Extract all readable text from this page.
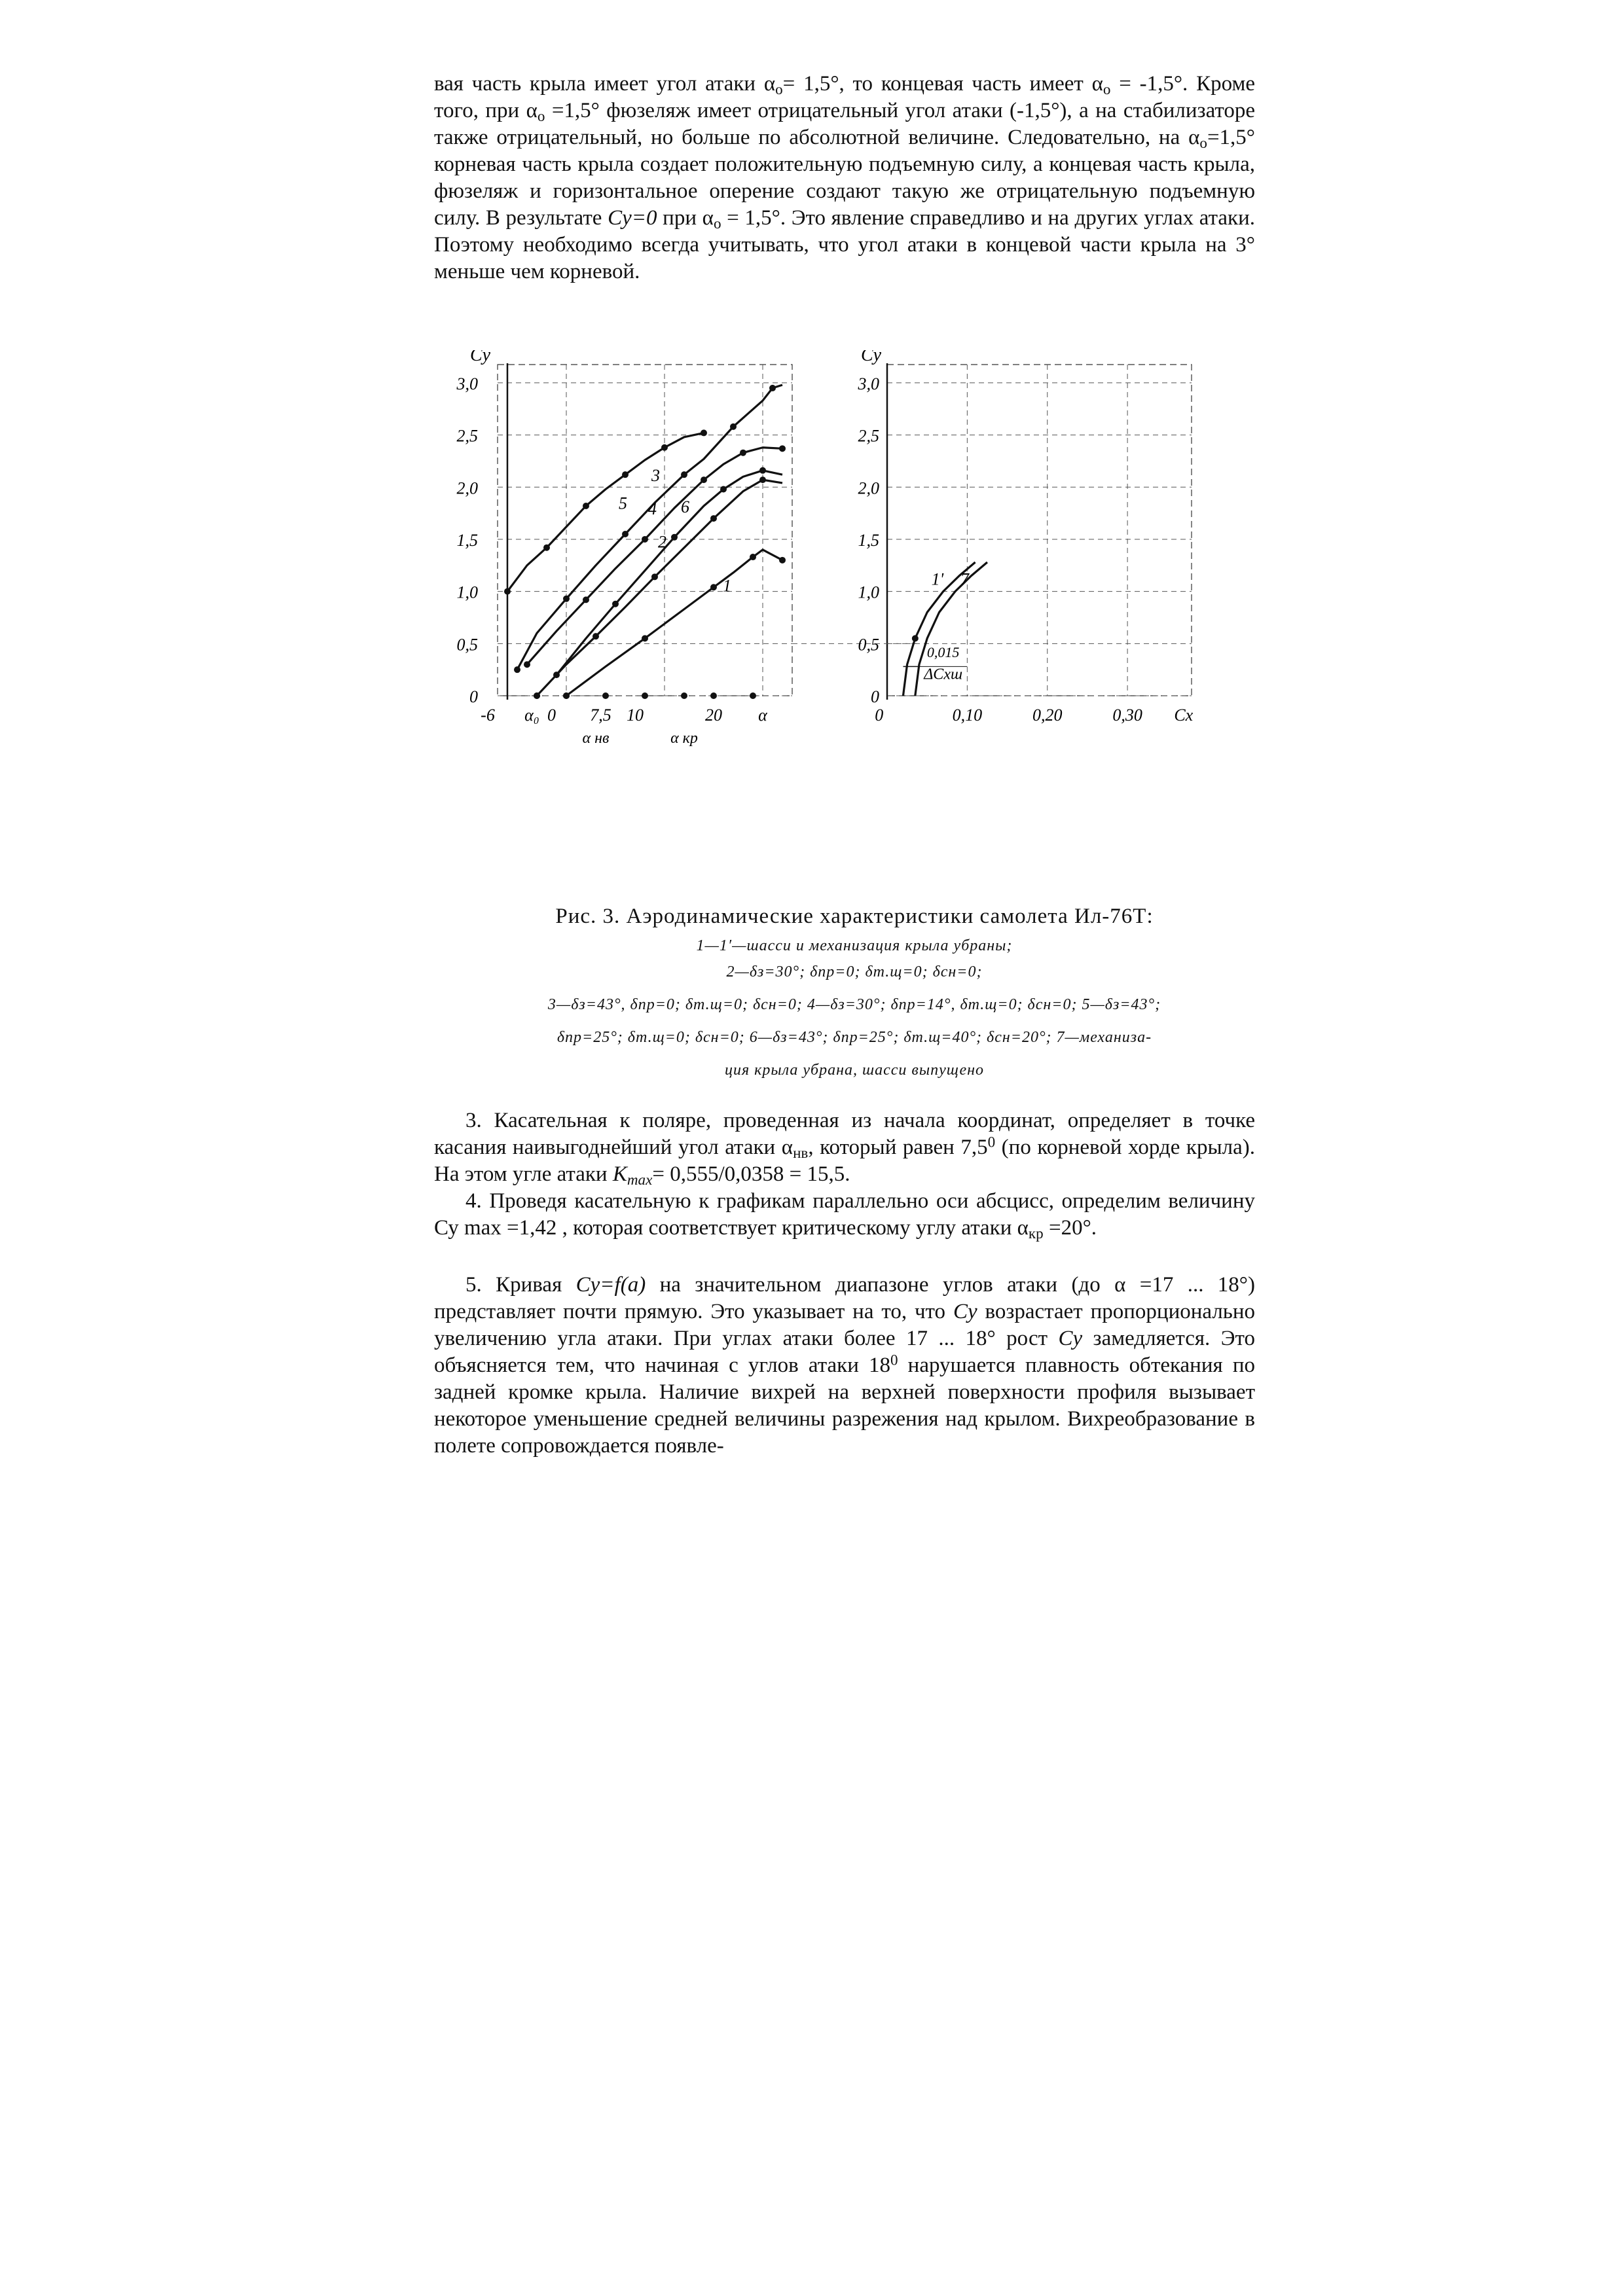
вая часть крыла имеет угол атаки $\alpha_о= 1,5^\circ$, то концевая часть имеет $\alpha_о = -1,5^\circ$. Кроме того, при $\alpha_о =1,5^\circ$ фюзеляж имеет отрицательный угол атаки (-1,5°), а на стабилизаторе также отрицательный, но больше по абсолютной величине. Следовательно, на $\alpha_о=1,5^\circ$ корневая часть крыла создает положительную подъемную силу, а концевая часть крыла, фюзеляж и горизонтальное оперение создают такую же отрицательную подъемную силу. В результате Су=0 при $\alpha_о = 1,5^\circ$. Это явление справедливо и на других углах атаки. Поэтому необходимо всегда учитывать, что угол атаки в концевой части крыла на 3° меньше чем корневой.

1
2
3
4
5	6
0
0,5
1,0
1,5
2,0
2,5
3,0
Cy
-6 α₀ 0 7,5 10	20 α
α нв	α кр
1' 7
0
0,5
1,0
1,5
2,0
2,5
3,0
Cy
0	0,10	0,20	0,30 Cx
0,015
ΔCxш
Рис. 3. Аэродинамические характеристики самолета Ил-76Т:
1—1′—шасси и механизация крыла убраны;
2—δз=30°; δпр=0; δт.щ=0; δсн=0;
3—δз=43°, δпр=0; δт.щ=0; δсн=0; 4—δз=30°; δпр=14°, δт.щ=0; δсн=0; 5—δз=43°;
δпр=25°; δт.щ=0; δсн=0; 6—δз=43°; δпр=25°; δт.щ=40°; δсн=20°; 7—механиза-
ция крыла убрана, шасси выпущено

3. Касательная к поляре, проведенная из начала координат, определяет в точке касания наивыгоднейший угол атаки $\alpha_{нв}$, который равен $7,5^0$ (по корневой хорде крыла). На этом угле атаки $K_{max}= 0,555/0,0358 = 15,5$.

4. Проведя касательную к графикам параллельно оси абсцисс, определим величину Су max =1,42 , которая соответствует критическому углу атаки $\alpha_{кр} =20^\circ$.

5. Кривая Су=f(а) на значительном диапазоне углов атаки (до α =17 ... 18°) представляет почти прямую. Это указывает на то, что Су возрастает пропорционально увеличению угла атаки. При углах атаки более 17 ... 18° рост Су замедляется. Это объясняется тем, что начиная с углов атаки $18^0$ нарушается плавность обтекания по задней кромке крыла. Наличие вихрей на верхней поверхности профиля вызывает некоторое уменьшение средней величины разрежения над крылом. Вихреобразование в полете сопровождается появле-
